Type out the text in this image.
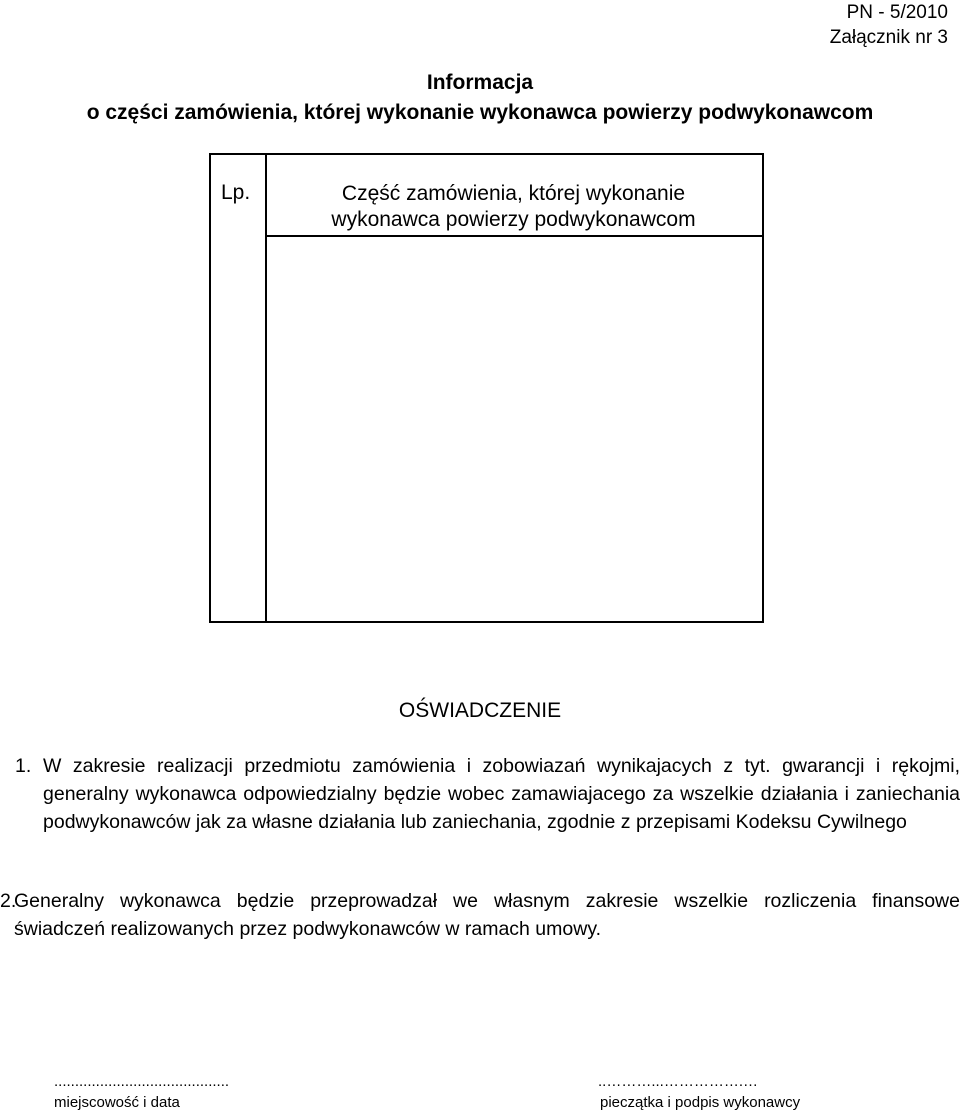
PN - 5/2010
Załącznik nr 3
Informacja
o części zamówienia, której wykonanie wykonawca powierzy podwykonawcom
Lp.	Część zamówienia, której wykonanie
wykonawca powierzy podwykonawcom
OŚWIADCZENIE
1. W zakresie realizacji przedmiotu zamówienia i zobowiazań wynikajacych z tyt. gwarancji i rękojmi, generalny wykonawca odpowiedzialny będzie wobec zamawiajacego za wszelkie działania i zaniechania podwykonawców jak za własne działania lub zaniechania, zgodnie z przepisami Kodeksu Cywilnego
2.
Generalny wykonawca będzie przeprowadzał we własnym zakresie wszelkie rozliczenia finansowe świadczeń realizowanych przez podwykonawców w ramach umowy.
..........................................
miejscowość i data
..………...…………….…
pieczątka i podpis wykonawcy
